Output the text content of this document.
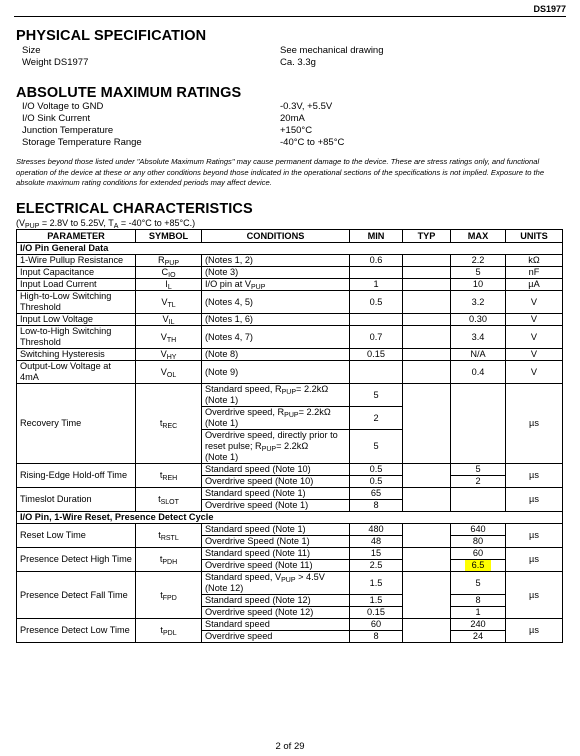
DS1977
PHYSICAL SPECIFICATION
Size	See mechanical drawing
Weight DS1977	Ca. 3.3g
ABSOLUTE MAXIMUM RATINGS
I/O Voltage to GND	-0.3V, +5.5V
I/O Sink Current	20mA
Junction Temperature	+150°C
Storage Temperature Range	-40°C to +85°C
Stresses beyond those listed under "Absolute Maximum Ratings" may cause permanent damage to the device. These are stress ratings only, and functional operation of the device at these or any other conditions beyond those indicated in the operational sections of the specifications is not implied. Exposure to the absolute maximum rating conditions for extended periods may affect device.
ELECTRICAL CHARACTERISTICS
($V_{PUP} = 2.8V$ to 5.25V, $T_A = -40^\circ C$ to +85°C.)
PARAMETER	SYMBOL	CONDITIONS	MIN	TYP	MAX	UNITS
I/O Pin General Data						
1-Wire Pullup Resistance	$R_{PUP}$	(Notes 1, 2)	0.6		2.2	kΩ
Input Capacitance	$C_{IO}$	(Note 3)			5	nF
Input Load Current	$I_L$	I/O pin at $V_{PUP}$	1		10	µA
High-to-Low Switching Threshold	$V_{TL}$	(Notes 4, 5)	0.5		3.2	V
Input Low Voltage	$V_{IL}$	(Notes 1, 6)			0.30	V
Low-to-High Switching Threshold	$V_{TH}$	(Notes 4, 7)	0.7		3.4	V
Switching Hysteresis	$V_{HY}$	(Note 8)	0.15		N/A	V
Output-Low Voltage at 4mA	$V_{OL}$	(Note 9)			0.4	V
Recovery Time	$t_{REC}$	Standard speed, $R_{PUP}= 2.2k\Omega$
(Note 1)	5			µs
		Overdrive speed, $R_{PUP}= 2.2k\Omega$
(Note 1)	2			
		Overdrive speed, directly prior to reset pulse; $R_{PUP}= 2.2k\Omega$
(Note 1)	5			
Rising-Edge Hold-off Time	$t_{REH}$	Standard speed (Note 10)	0.5		5	µs
		Overdrive speed (Note 10)	0.5		2	
Timeslot Duration	$t_{SLOT}$	Standard speed (Note 1)	65			µs
		Overdrive speed (Note 1)	8			
I/O Pin, 1-Wire Reset, Presence Detect Cycle						
Reset Low Time	$t_{RSTL}$	Standard speed (Note 1)	480		640	µs
		Overdrive Speed (Note 1)	48		80	
Presence Detect High Time	$t_{PDH}$	Standard speed (Note 11)	15		60	µs
		Overdrive speed (Note 11)	2.5		6.5	
Presence Detect Fall Time	$t_{FPD}$	Standard speed, $V_{PUP} > 4.5V$
(Note 12)	1.5		5	µs
		Standard speed (Note 12)	1.5		8	
		Overdrive speed (Note 12)	0.15		1	
Presence Detect Low Time	$t_{PDL}$	Standard speed	60		240	µs
		Overdrive speed	8		24	
2 of 29
